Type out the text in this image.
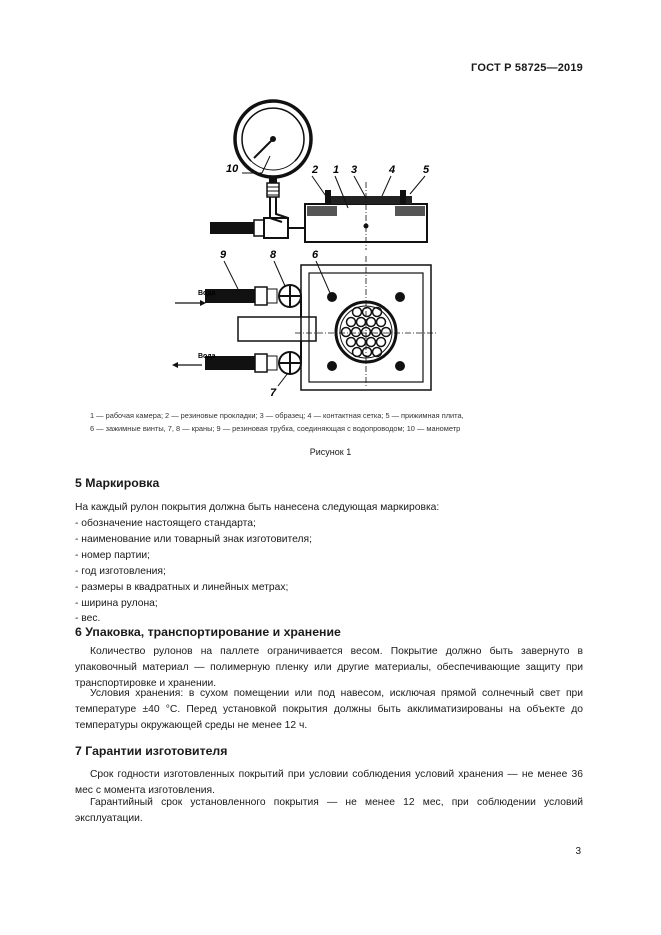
ГОСТ Р 58725—2019
10	2 1 3	4	5
Вода
Вода
9	8	6
7
1 — рабочая камера; 2 — резиновые прокладки; 3 — образец; 4 — контактная сетка; 5 — прижимная плита,
6 — зажимные винты, 7, 8 — краны; 9 — резиновая трубка, соединяющая с водопроводом; 10 — манометр
Рисунок 1
5 Маркировка

На каждый рулон покрытия должна быть нанесена следующая маркировка:

- обозначение настоящего стандарта;
- наименование или товарный знак изготовителя;
- номер партии;
- год изготовления;
- размеры в квадратных и линейных метрах;
- ширина рулона;
- вес.
6 Упаковка, транспортирование и хранение

Количество рулонов на паллете ограничивается весом. Покрытие должно быть завернуто в упаковочный материал — полимерную пленку или другие материалы, обеспечивающие защиту при транспортировке и хранении.

Условия хранения: в сухом помещении или под навесом, исключая прямой солнечный свет при температуре ±40 °C. Перед установкой покрытия должны быть акклиматизированы на объекте до температуры окружающей среды не менее 12 ч.

7 Гарантии изготовителя

Срок годности изготовленных покрытий при условии соблюдения условий хранения — не менее 36 мес с момента изготовления.

Гарантийный срок установленного покрытия — не менее 12 мес, при соблюдении условий эксплуатации.

3
